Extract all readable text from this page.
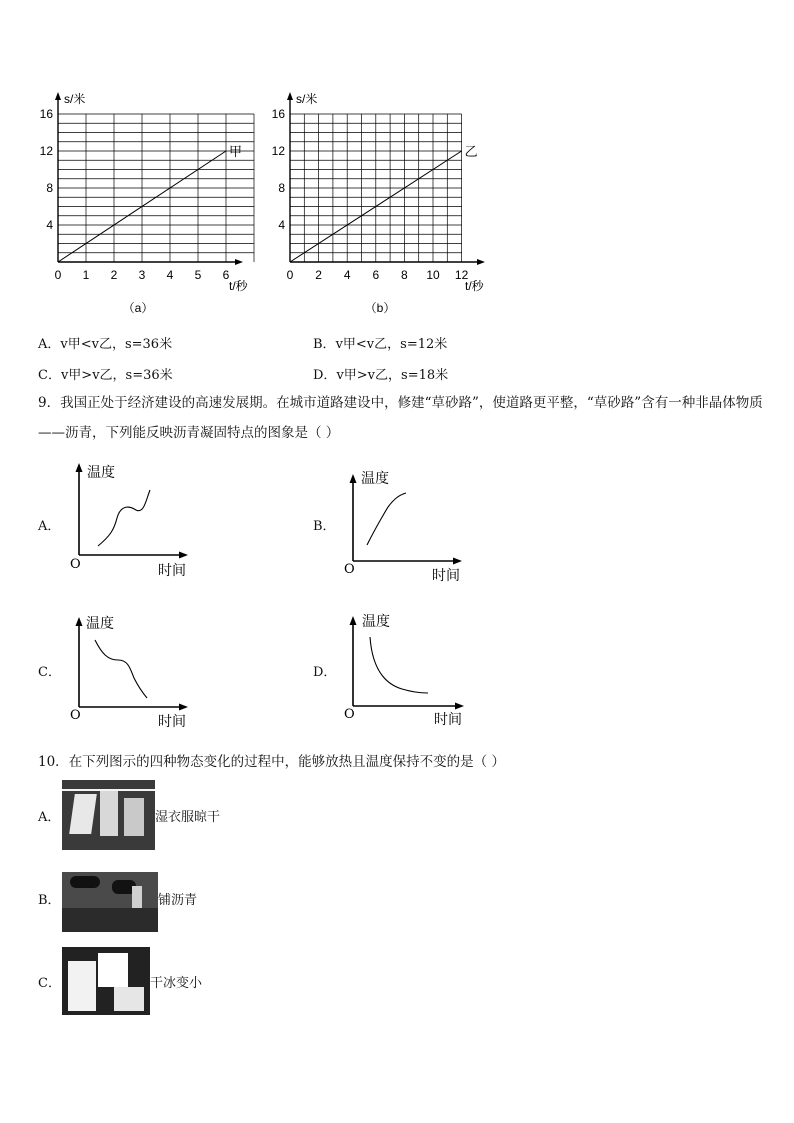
0 1 2 3 4 5 6
4
8
12
16
s/米
t/秒
甲
（a）
0 2 4 6 8 10 12
4
8
12
16
s/米
t/秒
乙
（b）
A．v甲<v乙，s=36米	B．v甲<v乙，s=12米
C．v甲>v乙，s=36米	D．v甲>v乙，s=18米
9．我国正处于经济建设的高速发展期。在城市道路建设中，修建“草砂路”，使道路更平整，“草砂路”含有一种非晶体物质——沥青，下列能反映沥青凝固特点的图象是（ ）
A．
温度
O	时间
B．
温度
O	时间
C．
温度
O	时间
D．
温度
O	时间
10．在下列图示的四种物态变化的过程中，能够放热且温度保持不变的是（ ）
A．	湿衣服晾干
B．	铺沥青
C．	干冰变小
